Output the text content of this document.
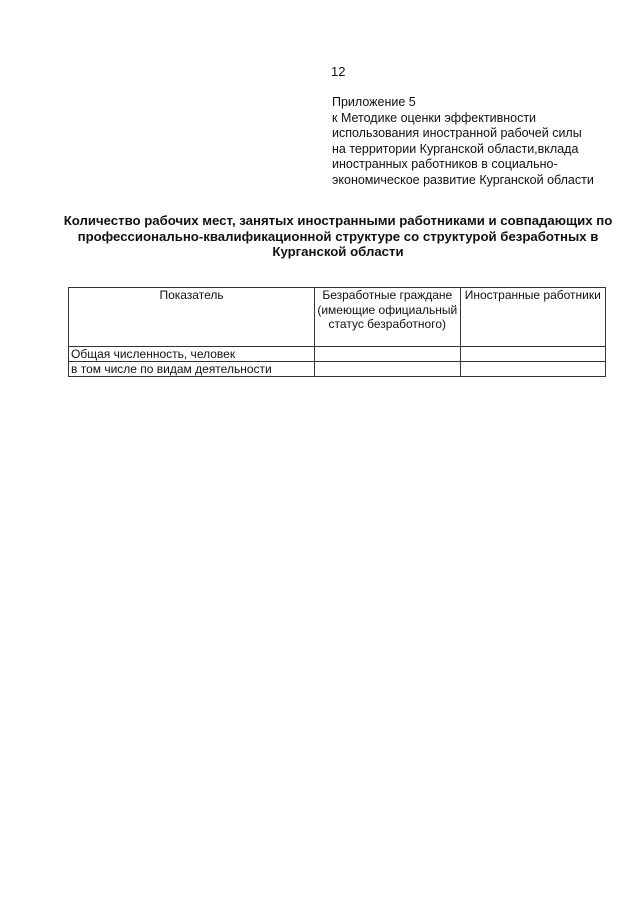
12
Приложение 5
к Методике оценки эффективности
использования иностранной рабочей силы
на территории Курганской области,вклада
иностранных работников в социально-
экономическое развитие Курганской области
Количество рабочих мест, занятых иностранными работниками и совпадающих по профессионально-квалификационной структуре со структурой безработных в Курганской области
Показатель	Безработные граждане (имеющие официальный статус безработного)	Иностранные работники
Общая численность, человек		
в том числе по видам деятельности		
